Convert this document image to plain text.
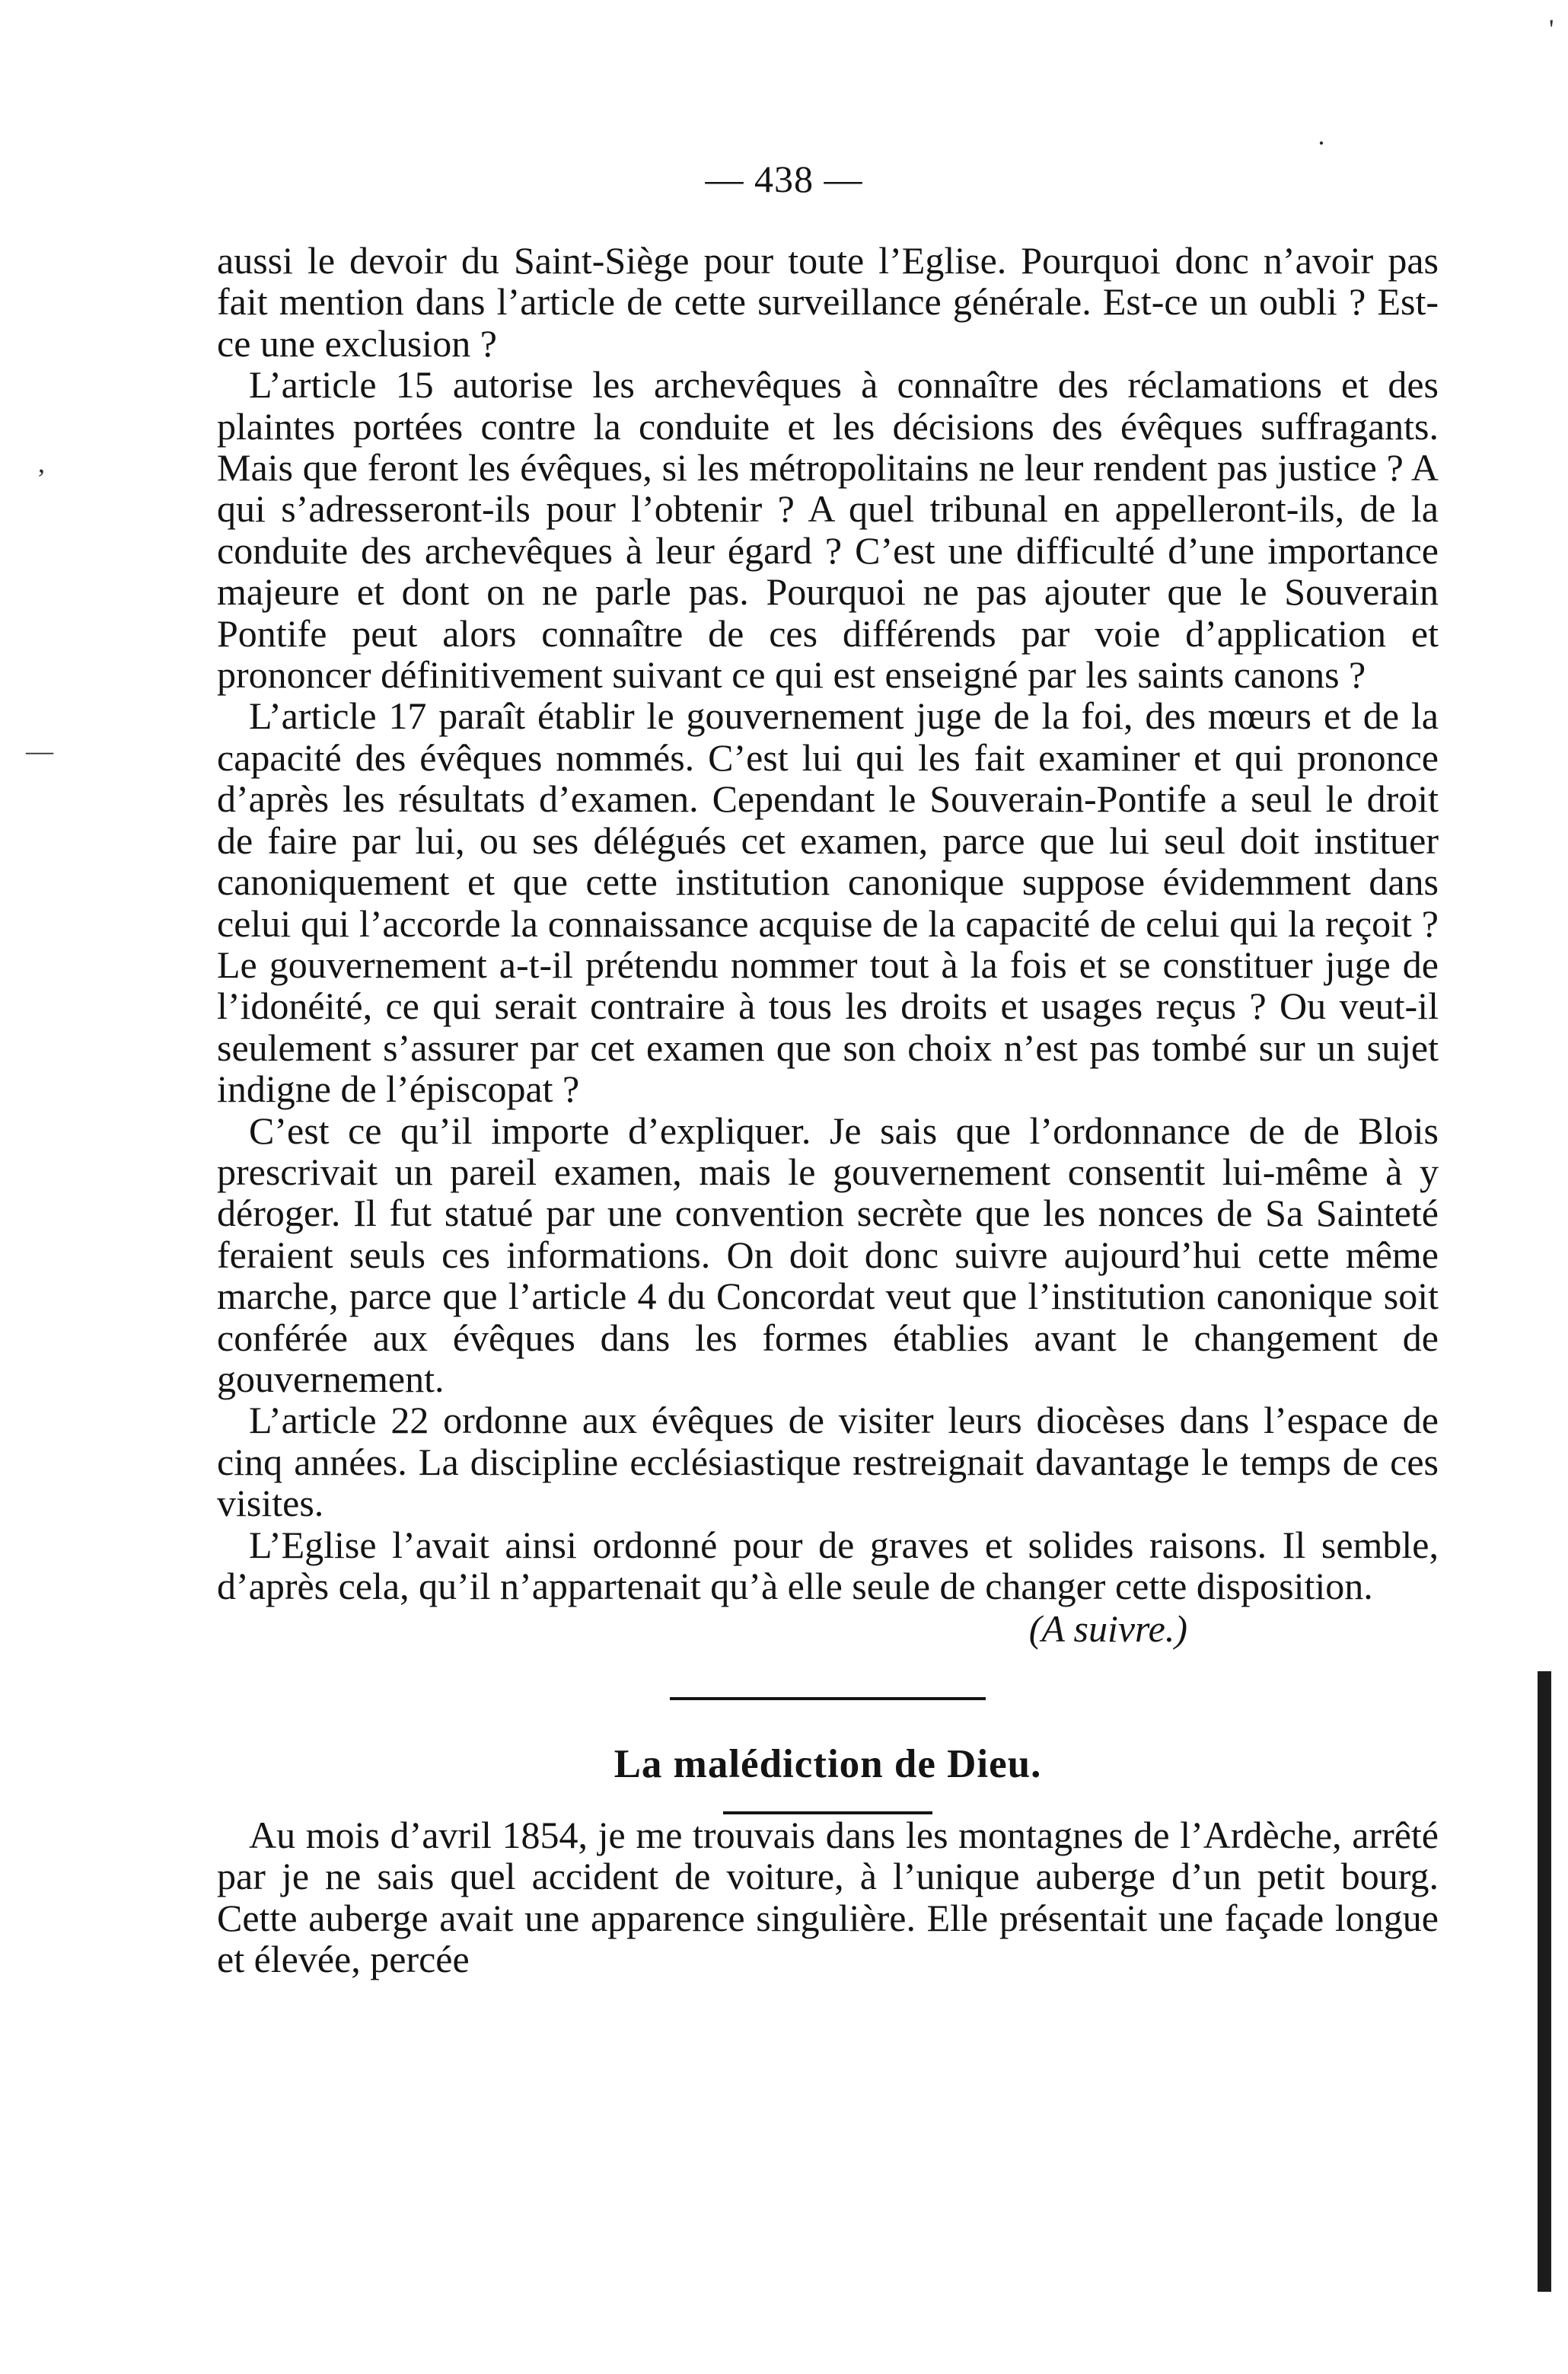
— 438 —

aussi le devoir du Saint-Siège pour toute l’Eglise. Pourquoi donc n’avoir pas fait mention dans l’article de cette surveillance générale. Est-ce un oubli ? Est-ce une exclusion ?

L’article 15 autorise les archevêques à connaître des réclamations et des plaintes portées contre la conduite et les décisions des évêques suffragants. Mais que feront les évêques, si les métropolitains ne leur rendent pas justice ? A qui s’adresseront-ils pour l’obtenir ? A quel tribunal en appelleront-ils, de la conduite des archevêques à leur égard ? C’est une difficulté d’une importance majeure et dont on ne parle pas. Pourquoi ne pas ajouter que le Souverain Pontife peut alors connaître de ces différends par voie d’application et prononcer définitivement suivant ce qui est enseigné par les saints canons ?

L’article 17 paraît établir le gouvernement juge de la foi, des mœurs et de la capacité des évêques nommés. C’est lui qui les fait examiner et qui prononce d’après les résultats d’examen. Cependant le Souverain-Pontife a seul le droit de faire par lui, ou ses délégués cet examen, parce que lui seul doit instituer canoniquement et que cette institution canonique suppose évidemment dans celui qui l’accorde la connaissance acquise de la capacité de celui qui la reçoit ? Le gouvernement a-t-il prétendu nommer tout à la fois et se constituer juge de l’idonéité, ce qui serait contraire à tous les droits et usages reçus ? Ou veut-il seulement s’assurer par cet examen que son choix n’est pas tombé sur un sujet indigne de l’épiscopat ?

C’est ce qu’il importe d’expliquer. Je sais que l’ordonnance de de Blois prescrivait un pareil examen, mais le gouvernement consentit lui-même à y déroger. Il fut statué par une convention secrète que les nonces de Sa Sainteté feraient seuls ces informations. On doit donc suivre aujourd’hui cette même marche, parce que l’article 4 du Concordat veut que l’institution canonique soit conférée aux évêques dans les formes établies avant le changement de gouvernement.

L’article 22 ordonne aux évêques de visiter leurs diocèses dans l’espace de cinq années. La discipline ecclésiastique restreignait davantage le temps de ces visites.

L’Eglise l’avait ainsi ordonné pour de graves et solides raisons. Il semble, d’après cela, qu’il n’appartenait qu’à elle seule de changer cette disposition.

(A suivre.)
La malédiction de Dieu.

Au mois d’avril 1854, je me trouvais dans les montagnes de l’Ardèche, arrêté par je ne sais quel accident de voiture, à l’unique auberge d’un petit bourg. Cette auberge avait une apparence singulière. Elle présentait une façade longue et élevée, percée

'
·
—
,
